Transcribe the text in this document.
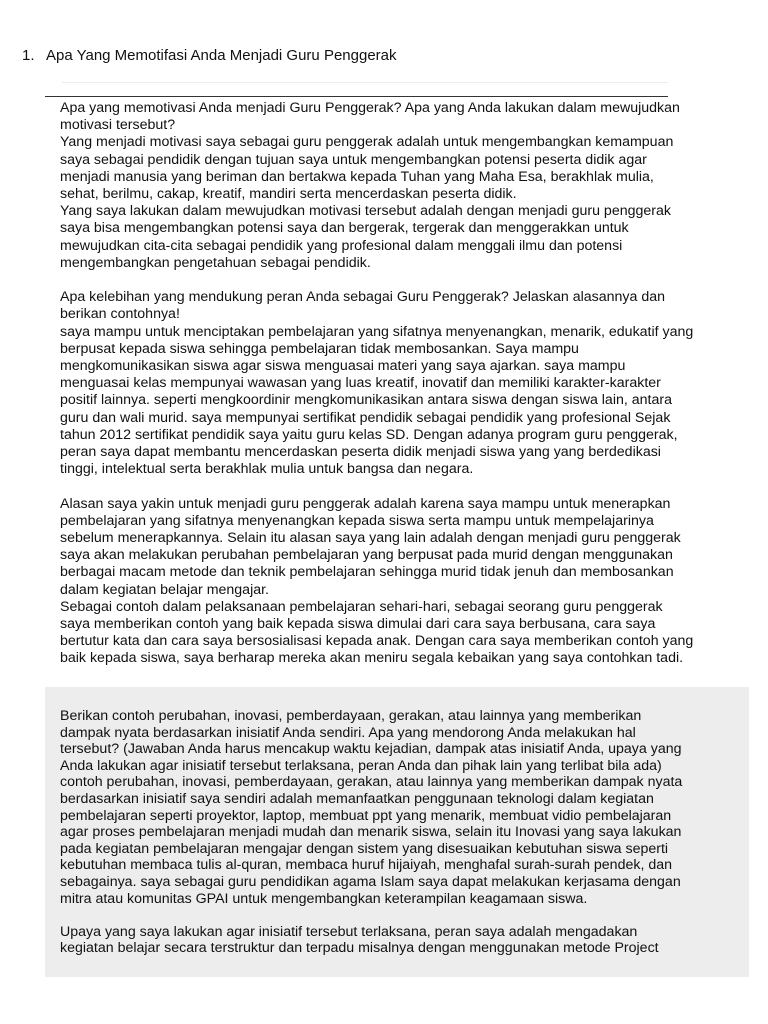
1. Apa Yang Memotifasi Anda Menjadi Guru Penggerak

Apa yang memotivasi Anda menjadi Guru Penggerak? Apa yang Anda lakukan dalam mewujudkan

motivasi tersebut?

Yang menjadi motivasi saya sebagai guru penggerak adalah untuk mengembangkan kemampuan

saya sebagai pendidik dengan tujuan saya untuk mengembangkan potensi peserta didik agar

menjadi manusia yang beriman dan bertakwa kepada Tuhan yang Maha Esa, berakhlak mulia,

sehat, berilmu, cakap, kreatif, mandiri serta mencerdaskan peserta didik.

Yang saya lakukan dalam mewujudkan motivasi tersebut adalah dengan menjadi guru penggerak

saya bisa mengembangkan potensi saya dan bergerak, tergerak dan menggerakkan untuk

mewujudkan cita-cita sebagai pendidik yang profesional dalam menggali ilmu dan potensi

mengembangkan pengetahuan sebagai pendidik.

Apa kelebihan yang mendukung peran Anda sebagai Guru Penggerak? Jelaskan alasannya dan

berikan contohnya!

saya mampu untuk menciptakan pembelajaran yang sifatnya menyenangkan, menarik, edukatif yang

berpusat kepada siswa sehingga pembelajaran tidak membosankan. Saya mampu

mengkomunikasikan siswa agar siswa menguasai materi yang saya ajarkan. saya mampu

menguasai kelas mempunyai wawasan yang luas kreatif, inovatif dan memiliki karakter-karakter

positif lainnya. seperti mengkoordinir mengkomunikasikan antara siswa dengan siswa lain, antara

guru dan wali murid. saya mempunyai sertifikat pendidik sebagai pendidik yang profesional Sejak

tahun 2012 sertifikat pendidik saya yaitu guru kelas SD. Dengan adanya program guru penggerak,

peran saya dapat membantu mencerdaskan peserta didik menjadi siswa yang yang berdedikasi

tinggi, intelektual serta berakhlak mulia untuk bangsa dan negara.

Alasan saya yakin untuk menjadi guru penggerak adalah karena saya mampu untuk menerapkan

pembelajaran yang sifatnya menyenangkan kepada siswa serta mampu untuk mempelajarinya

sebelum menerapkannya. Selain itu alasan saya yang lain adalah dengan menjadi guru penggerak

saya akan melakukan perubahan pembelajaran yang berpusat pada murid dengan menggunakan

berbagai macam metode dan teknik pembelajaran sehingga murid tidak jenuh dan membosankan

dalam kegiatan belajar mengajar.

Sebagai contoh dalam pelaksanaan pembelajaran sehari-hari, sebagai seorang guru penggerak

saya memberikan contoh yang baik kepada siswa dimulai dari cara saya berbusana, cara saya

bertutur kata dan cara saya bersosialisasi kepada anak. Dengan cara saya memberikan contoh yang

baik kepada siswa, saya berharap mereka akan meniru segala kebaikan yang saya contohkan tadi.

Berikan contoh perubahan, inovasi, pemberdayaan, gerakan, atau lainnya yang memberikan

dampak nyata berdasarkan inisiatif Anda sendiri. Apa yang mendorong Anda melakukan hal

tersebut? (Jawaban Anda harus mencakup waktu kejadian, dampak atas inisiatif Anda, upaya yang

Anda lakukan agar inisiatif tersebut terlaksana, peran Anda dan pihak lain yang terlibat bila ada)

contoh perubahan, inovasi, pemberdayaan, gerakan, atau lainnya yang memberikan dampak nyata

berdasarkan inisiatif saya sendiri adalah memanfaatkan penggunaan teknologi dalam kegiatan

pembelajaran seperti proyektor, laptop, membuat ppt yang menarik, membuat vidio pembelajaran

agar proses pembelajaran menjadi mudah dan menarik siswa, selain itu Inovasi yang saya lakukan

pada kegiatan pembelajaran mengajar dengan sistem yang disesuaikan kebutuhan siswa seperti

kebutuhan membaca tulis al-quran, membaca huruf hijaiyah, menghafal surah-surah pendek, dan

sebagainya. saya sebagai guru pendidikan agama Islam saya dapat melakukan kerjasama dengan

mitra atau komunitas GPAI untuk mengembangkan keterampilan keagamaan siswa.

Upaya yang saya lakukan agar inisiatif tersebut terlaksana, peran saya adalah mengadakan

kegiatan belajar secara terstruktur dan terpadu misalnya dengan menggunakan metode Project
